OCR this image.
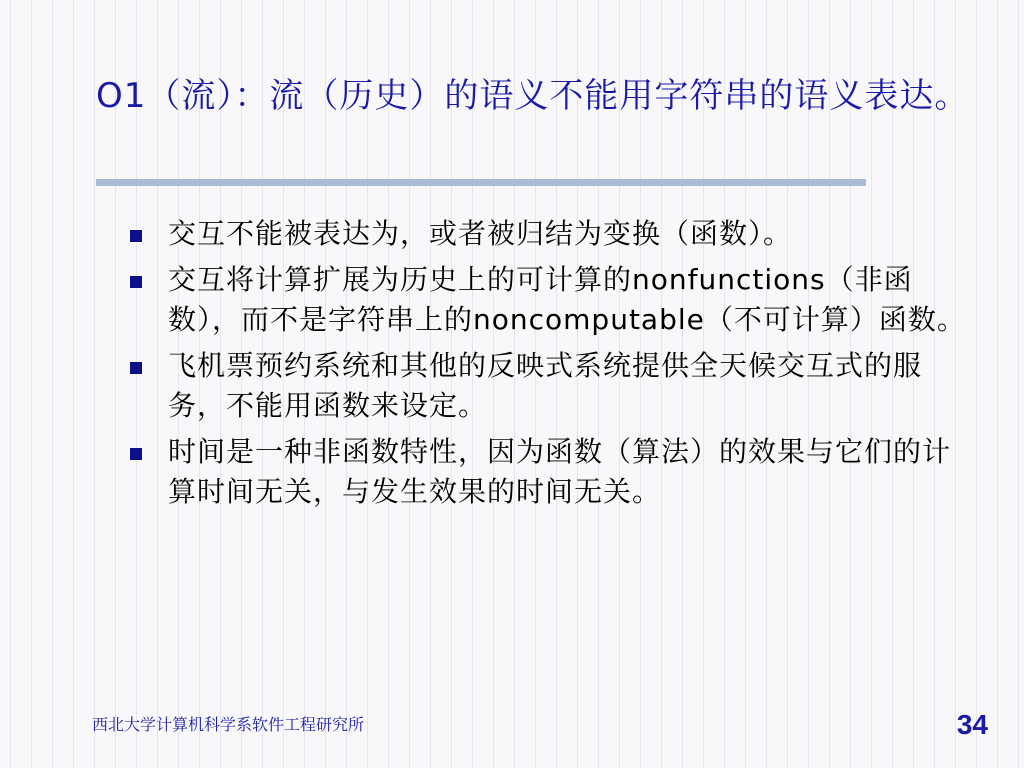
O1（流）：流（历史）的语义不能用字符串的语义表达。
交互不能被表达为，或者被归结为变换（函数）。
交互将计算扩展为历史上的可计算的nonfunctions（非函数），而不是字符串上的noncomputable（不可计算）函数。
飞机票预约系统和其他的反映式系统提供全天候交互式的服务，不能用函数来设定。
时间是一种非函数特性，因为函数（算法）的效果与它们的计算时间无关，与发生效果的时间无关。
西北大学计算机科学系软件工程研究所	34
